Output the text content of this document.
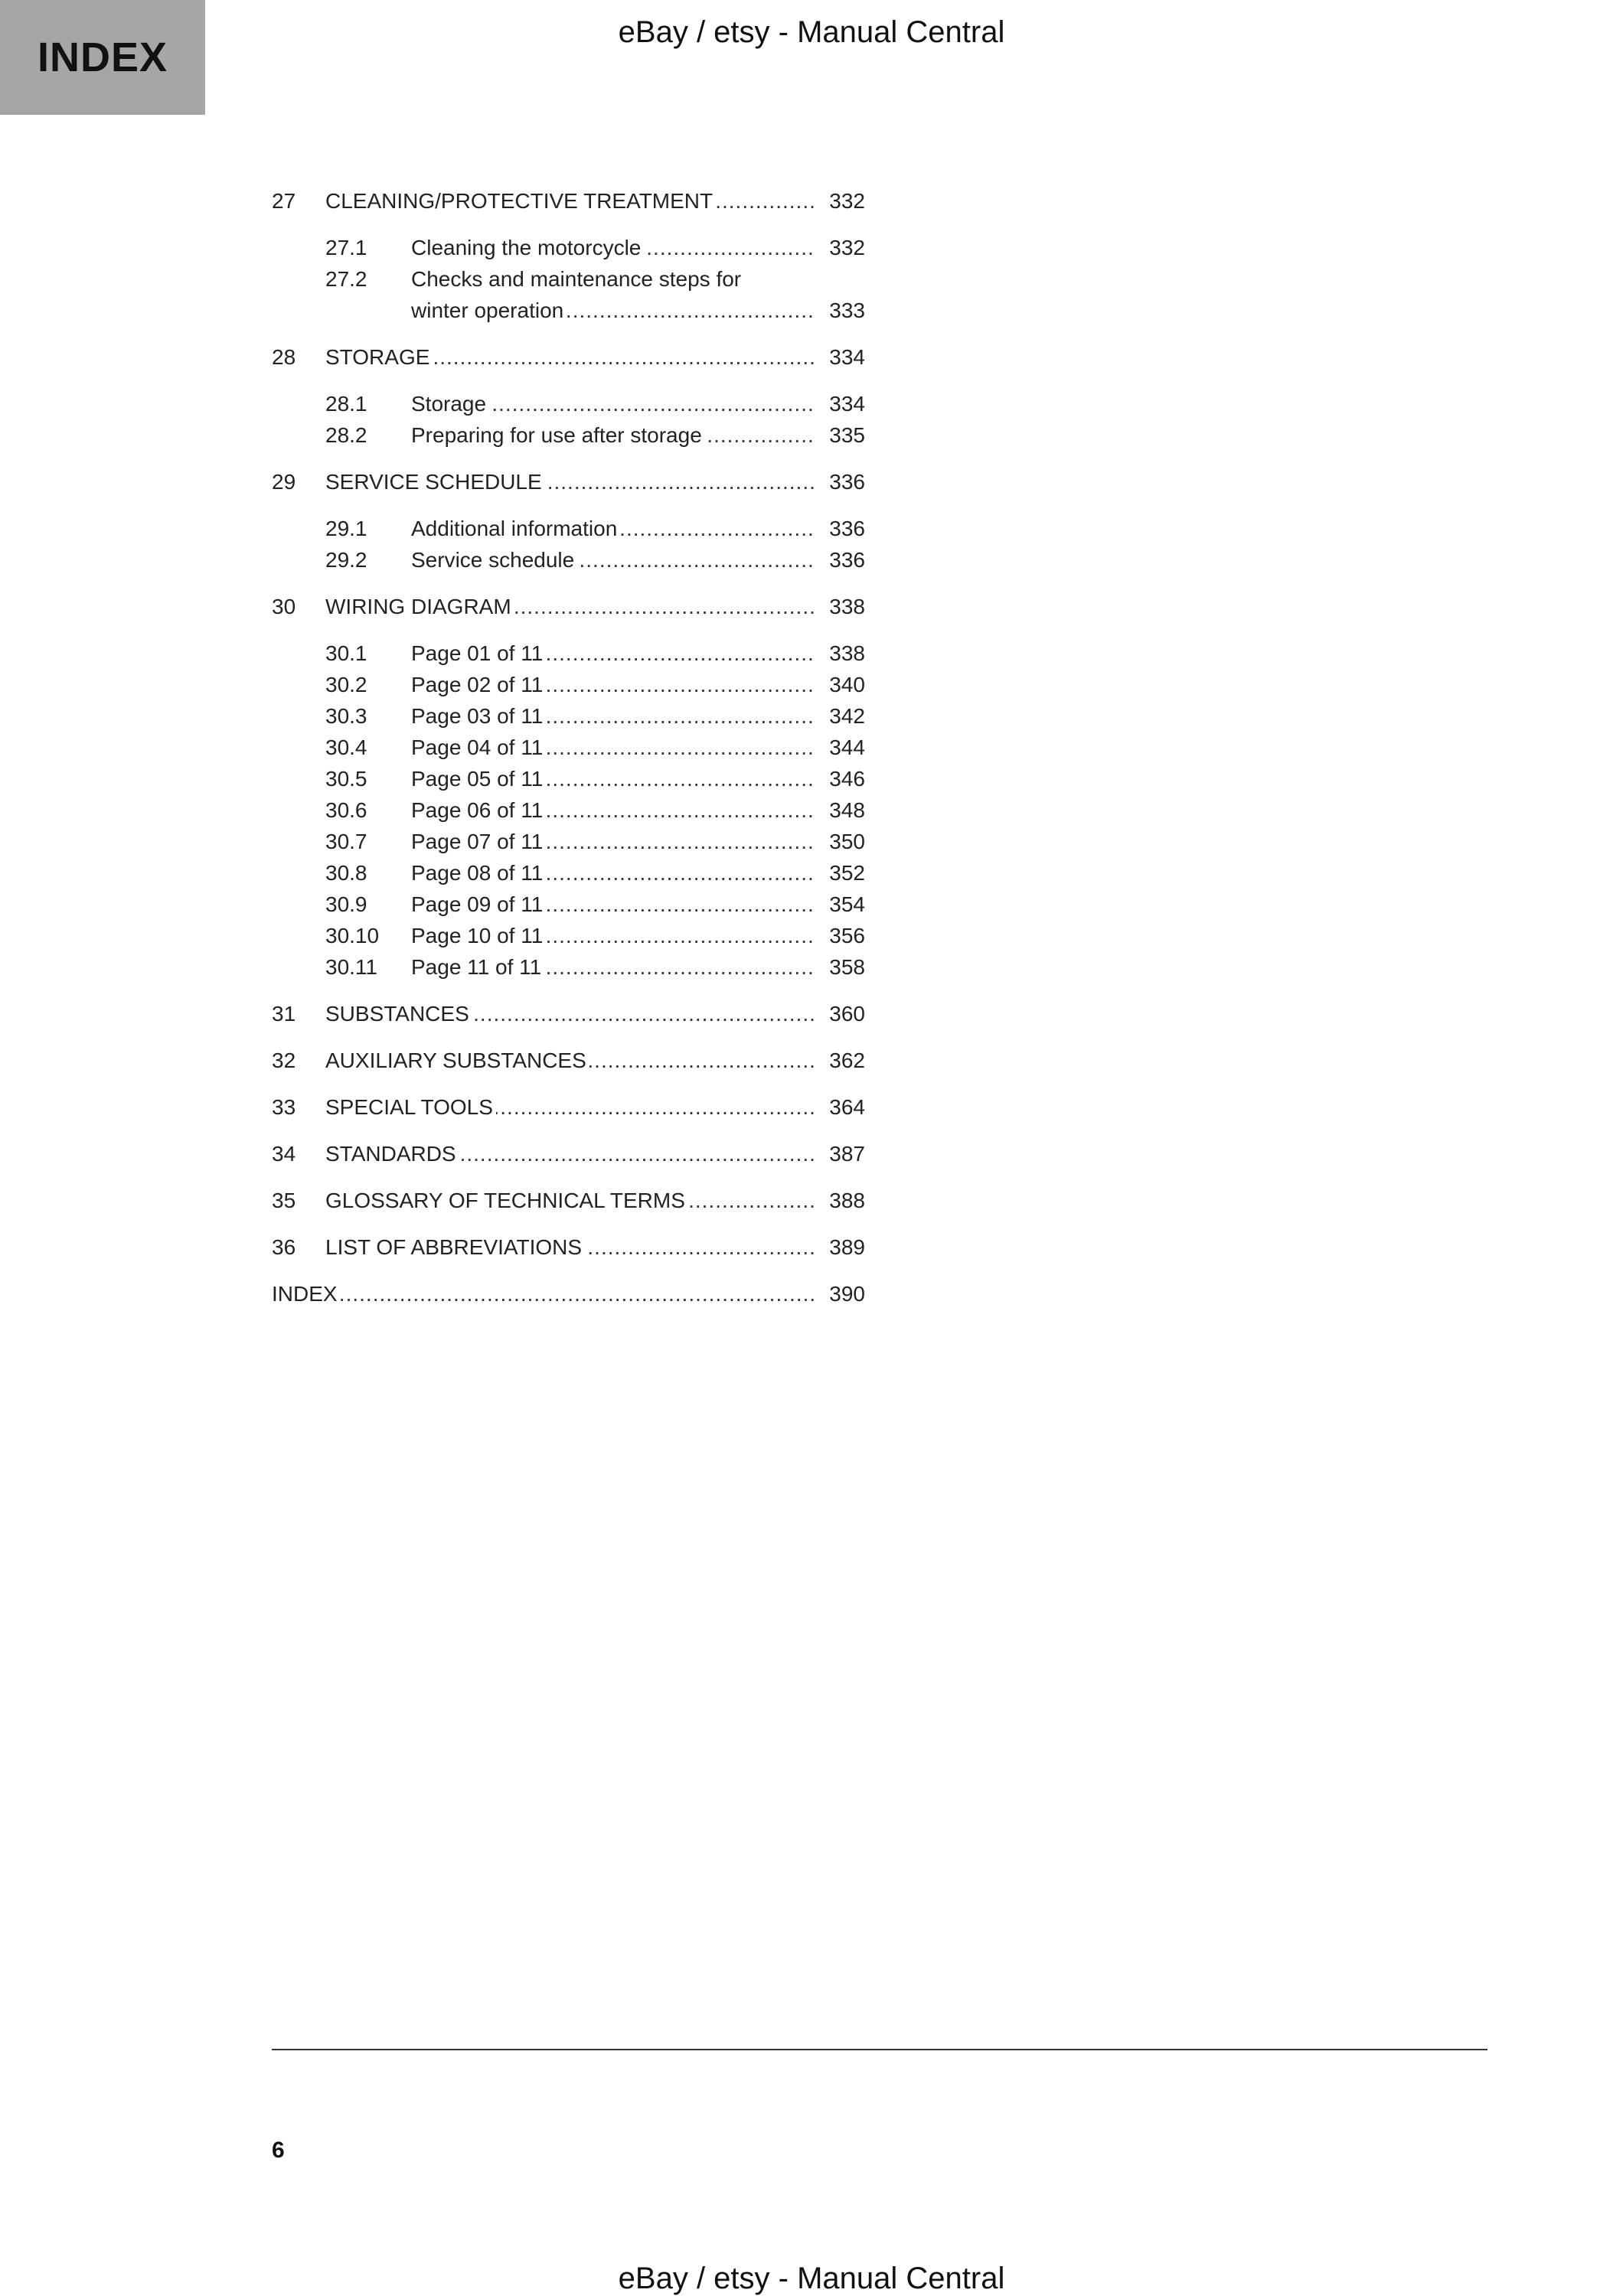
INDEX
eBay / etsy - Manual Central
27 CLEANING/PROTECTIVE TREATMENT .....	332
27.1 Cleaning the motorcycle .....	332
27.2 Checks and maintenance steps for
winter operation .....	333
28 STORAGE .....	334
28.1 Storage .....	334
28.2 Preparing for use after storage .....	335
29 SERVICE SCHEDULE .....	336
29.1 Additional information .....	336
29.2 Service schedule .....	336
30 WIRING DIAGRAM .....	338
30.1 Page 01 of 11 .....	338
30.2 Page 02 of 11 .....	340
30.3 Page 03 of 11 .....	342
30.4 Page 04 of 11 .....	344
30.5 Page 05 of 11 .....	346
30.6 Page 06 of 11 .....	348
30.7 Page 07 of 11 .....	350
30.8 Page 08 of 11 .....	352
30.9 Page 09 of 11 .....	354
30.10 Page 10 of 11 .....	356
30.11 Page 11 of 11 .....	358
31 SUBSTANCES .....	360
32 AUXILIARY SUBSTANCES .....	362
33 SPECIAL TOOLS .....	364
34 STANDARDS .....	387
35 GLOSSARY OF TECHNICAL TERMS .....	388
36 LIST OF ABBREVIATIONS .....	389
INDEX .....	390
6
eBay / etsy - Manual Central
